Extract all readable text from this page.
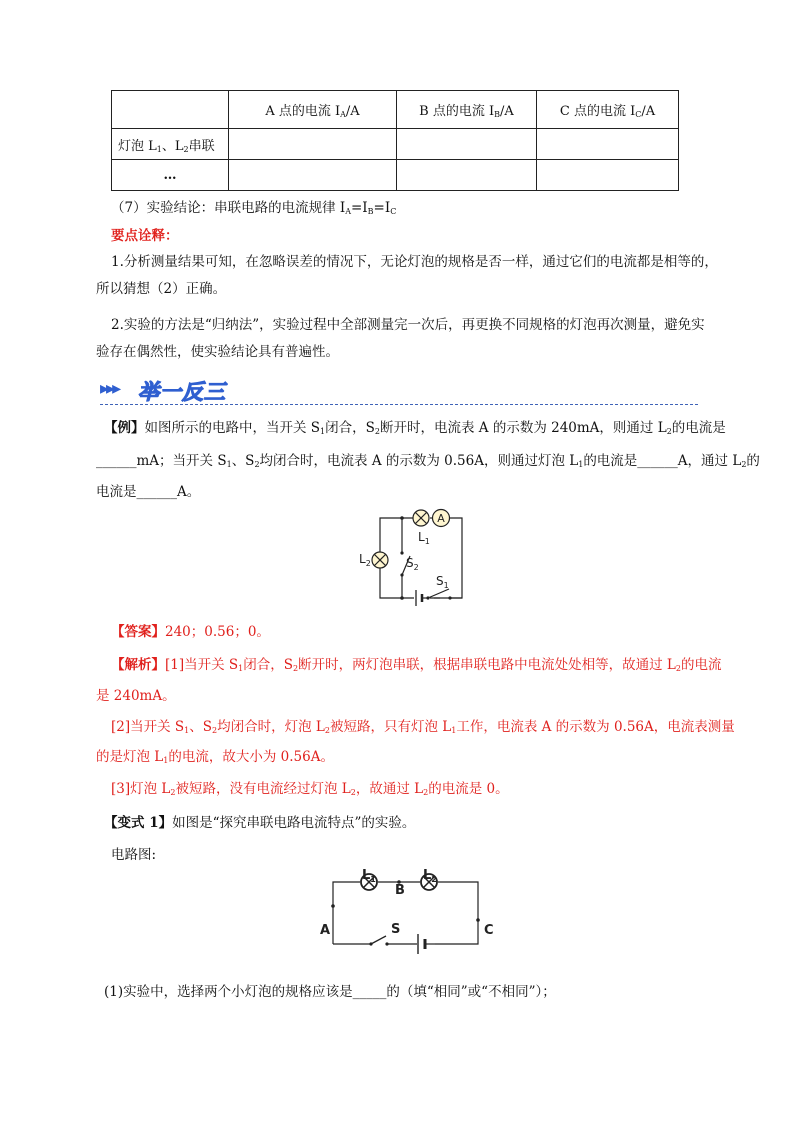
	A 点的电流 $I_A/A$	B 点的电流 $I_B/A$	C 点的电流 $I_C/A$
灯泡 $L_1$、$L_2$串联			
…			
（7）实验结论：串联电路的电流规律 $I_A=I_B=I_C$
要点诠释：
1.分析测量结果可知，在忽略误差的情况下，无论灯泡的规格是否一样，通过它们的电流都是相等的，
所以猜想（2）正确。
2.实验的方法是“归纳法”，实验过程中全部测量完一次后，再更换不同规格的灯泡再次测量，避免实
验存在偶然性，使实验结论具有普遍性。
▸▸▸ 举一反三
【例】如图所示的电路中，当开关 $S_1$闭合，$S_2$断开时，电流表 A 的示数为 240mA，则通过 $L_2$的电流是
______mA；当开关 $S_1$、$S_2$均闭合时，电流表 A 的示数为 0.56A，则通过灯泡 $L_1$的电流是______A，通过 $L_2$的
电流是______A。
A
$L_1$
$L_2$	$S_2$
$S_1$
【答案】240；0.56；0。
【解析】[1]当开关 $S_1$闭合，$S_2$断开时，两灯泡串联，根据串联电路中电流处处相等，故通过 $L_2$的电流
是 240mA。
[2]当开关 $S_1$、$S_2$均闭合时，灯泡 $L_2$被短路，只有灯泡 $L_1$工作，电流表 A 的示数为 0.56A，电流表测量
的是灯泡 $L_1$的电流，故大小为 0.56A。
[3]灯泡 $L_2$被短路，没有电流经过灯泡 $L_2$，故通过 $L_2$的电流是 0。
【变式 1】如图是“探究串联电路电流特点”的实验。
电路图:
$L_1$	$L_2$
B
A	C
S
(1)实验中，选择两个小灯泡的规格应该是_____的（填“相同”或“不相同”）；
